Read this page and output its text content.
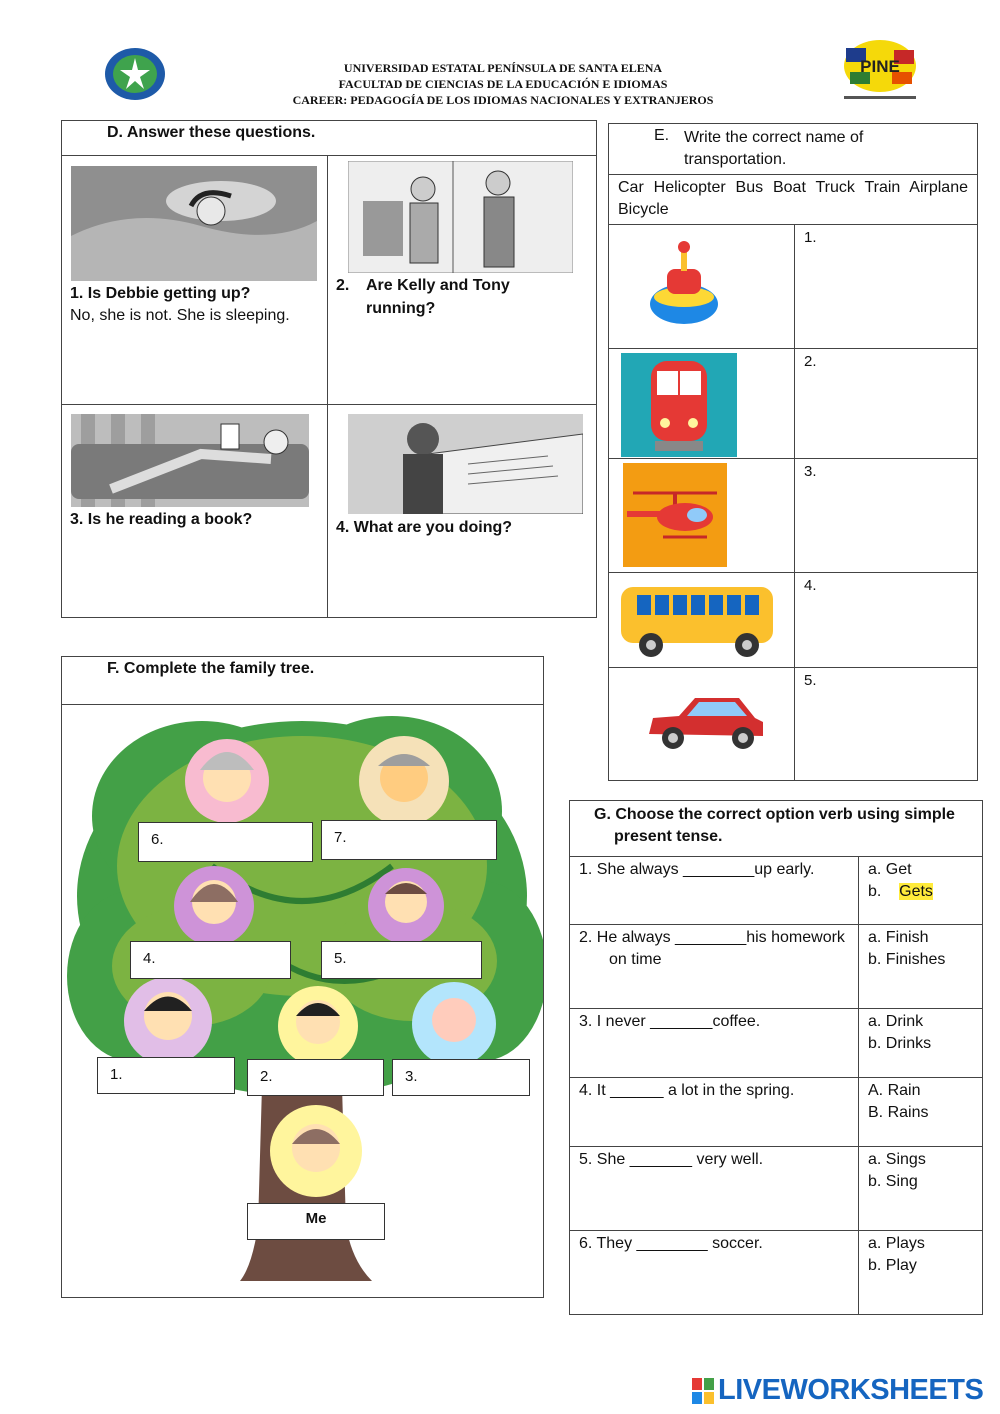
UNIVERSIDAD ESTATAL PENÍNSULA DE SANTA ELENA
FACULTAD DE CIENCIAS DE LA EDUCACIÓN E IDIOMAS
CAREER: PEDAGOGÍA DE LOS IDIOMAS NACIONALES Y EXTRANJEROS
PINE
D. Answer these questions.
1. Is Debbie getting up?
No, she is not. She is sleeping.
2. Are Kelly and Tony running?
3. Is he reading a book?	4. What are you doing?
E. Write the correct name of transportation.
Car Helicopter Bus Boat Truck Train Airplane Bicycle
1.
2.
3.
4.
5.
F. Complete the family tree.
6.	7.
4.	5.
1.	2.	3.
Me
G. Choose the correct option verb using simple present tense.
1. She always ________up early.	a. Get
b.    Gets
2. He always ________his homework on time
a. Finish
b. Finishes
3. I never _______coffee.	a. Drink
b. Drinks
4. It ______ a lot in the spring.	A. Rain
B. Rains
5. She _______ very well.	a. Sings
b. Sing
6. They ________ soccer.	a. Plays
b. Play
LIVEWORKSHEETS
